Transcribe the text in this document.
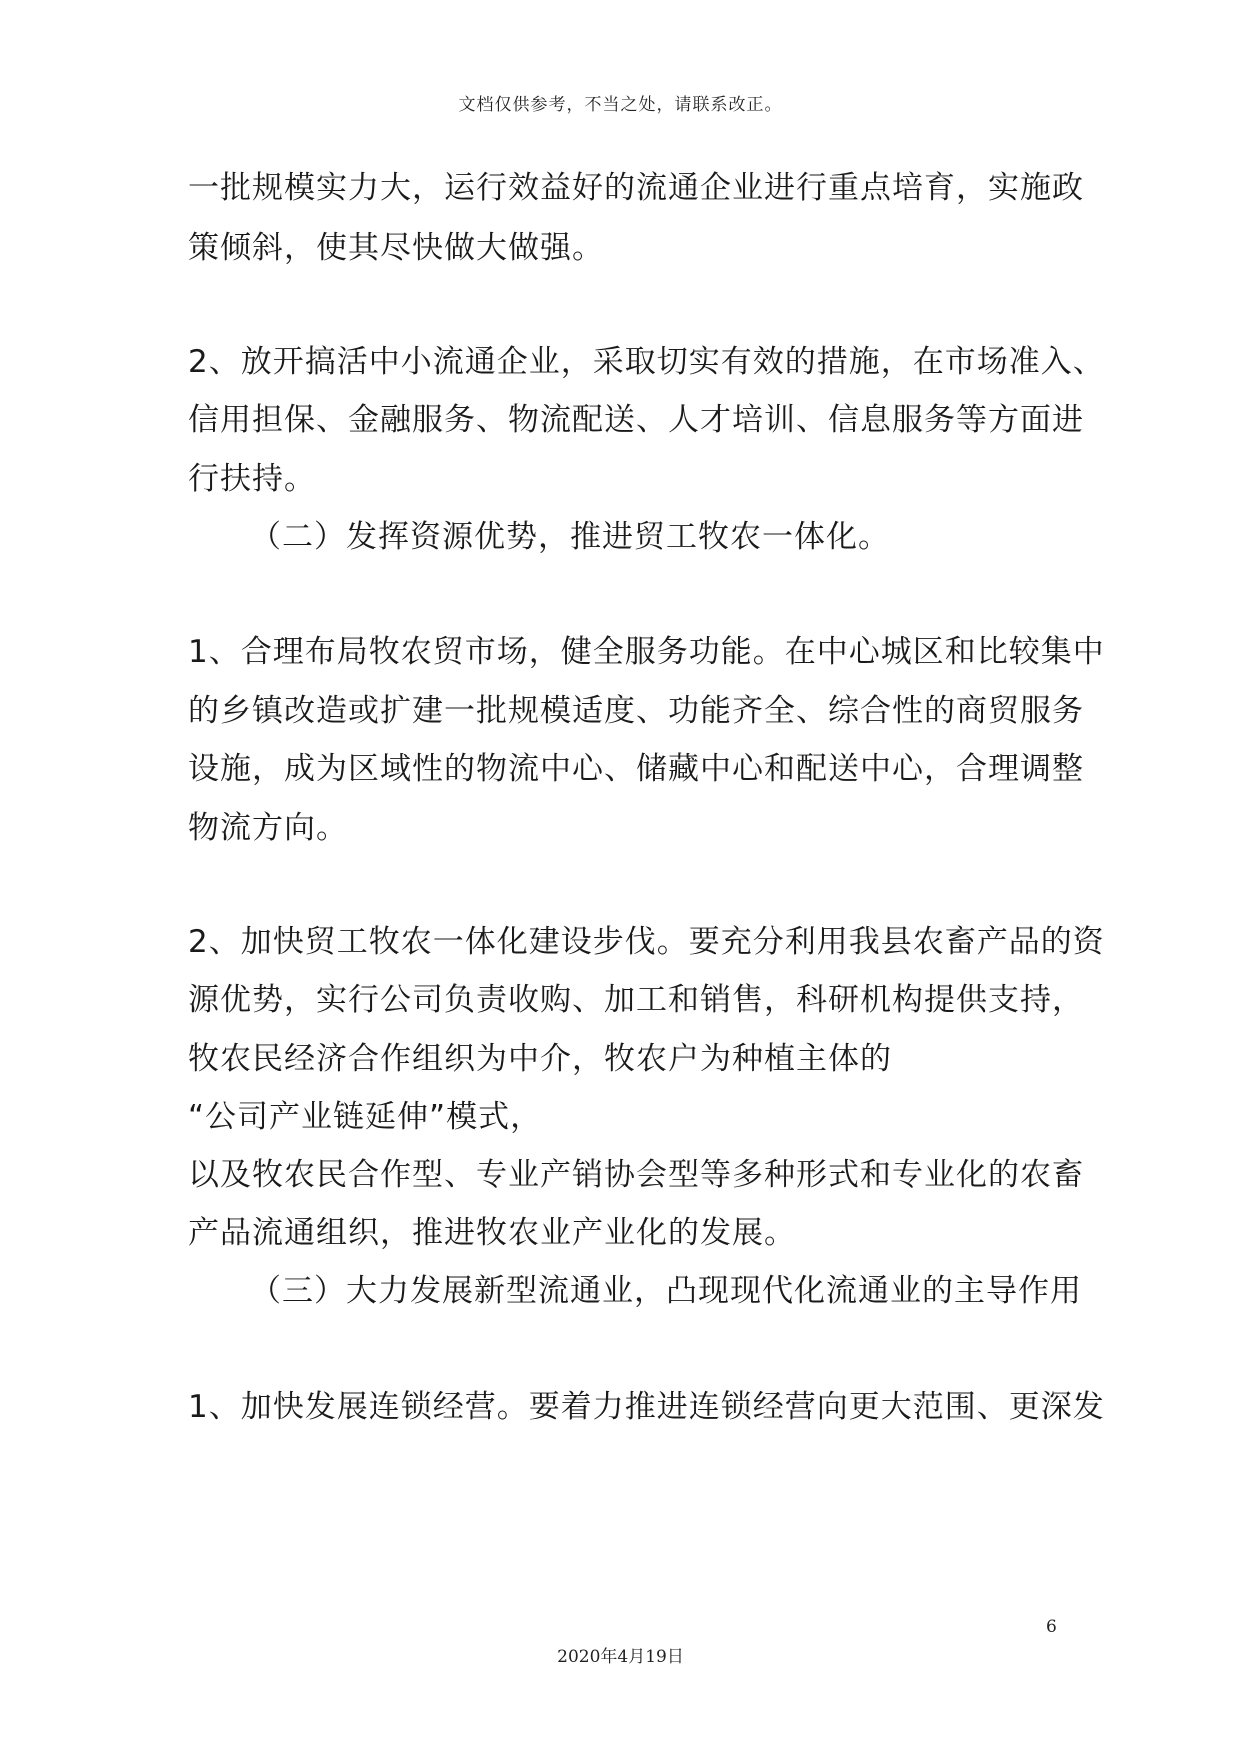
文档仅供参考，不当之处，请联系改正。
一批规模实力大，运行效益好的流通企业进行重点培育，实施政
策倾斜，使其尽快做大做强。
2、放开搞活中小流通企业，采取切实有效的措施，在市场准入、
信用担保、金融服务、物流配送、人才培训、信息服务等方面进
行扶持。
（二）发挥资源优势，推进贸工牧农一体化。
1、合理布局牧农贸市场，健全服务功能。在中心城区和比较集中
的乡镇改造或扩建一批规模适度、功能齐全、综合性的商贸服务
设施，成为区域性的物流中心、储藏中心和配送中心，合理调整
物流方向。
2、加快贸工牧农一体化建设步伐。要充分利用我县农畜产品的资
源优势，实行公司负责收购、加工和销售，科研机构提供支持，
牧农民经济合作组织为中介，牧农户为种植主体的
“公司产业链延伸”模式，
以及牧农民合作型、专业产销协会型等多种形式和专业化的农畜
产品流通组织，推进牧农业产业化的发展。
（三）大力发展新型流通业，凸现现代化流通业的主导作用
1、加快发展连锁经营。要着力推进连锁经营向更大范围、更深发
6
2020年4月19日
